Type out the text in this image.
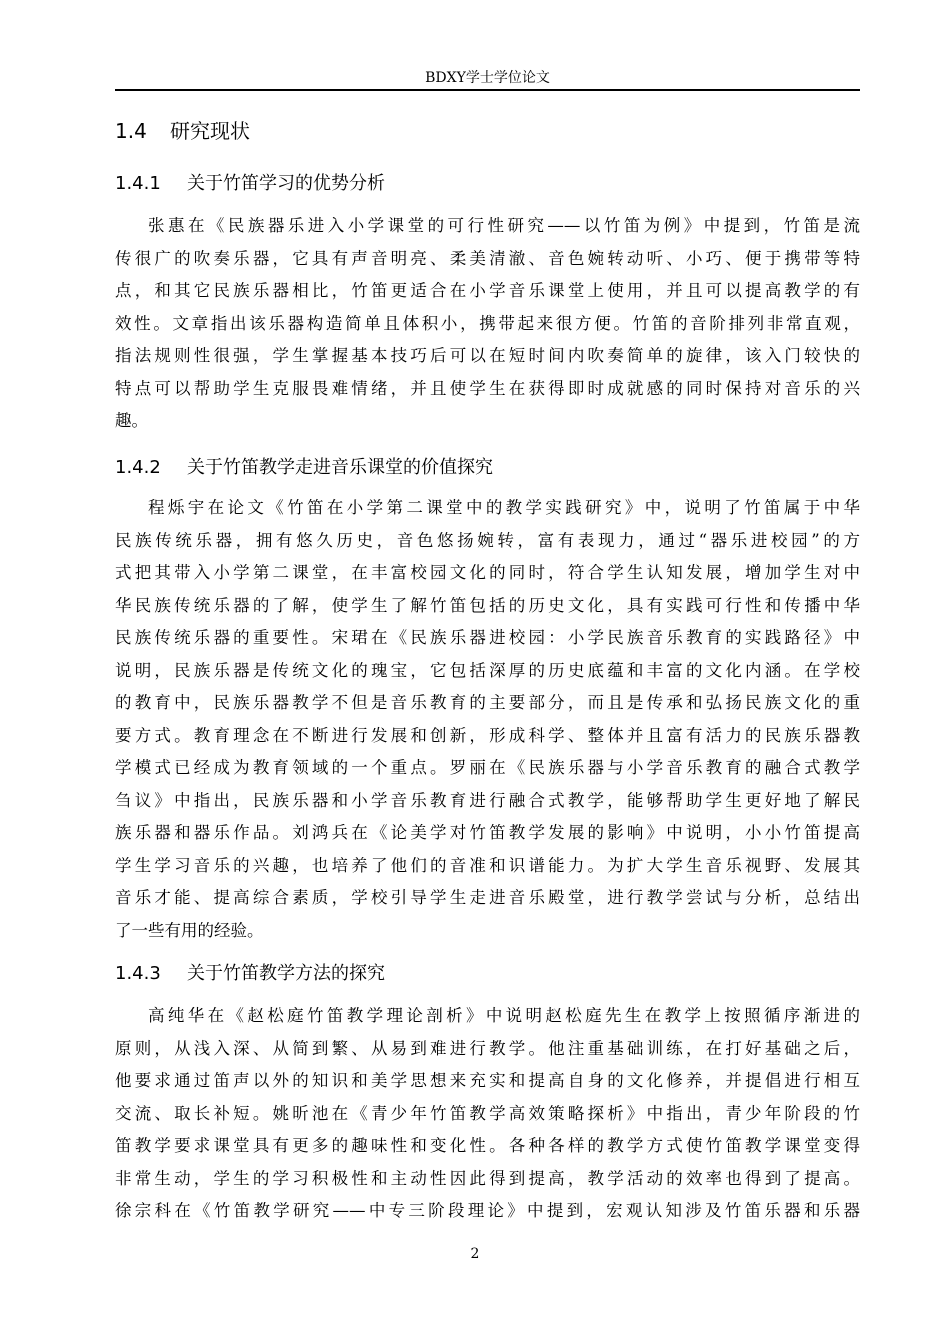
BDXY学士学位论文
1.4 研究现状
1.4.1 关于竹笛学习的优势分析
张惠在《民族器乐进入小学课堂的可行性研究——以竹笛为例》中提到，竹笛是流
传很广的吹奏乐器，它具有声音明亮、柔美清澈、音色婉转动听、小巧、便于携带等特
点，和其它民族乐器相比，竹笛更适合在小学音乐课堂上使用，并且可以提高教学的有
效性。文章指出该乐器构造简单且体积小，携带起来很方便。竹笛的音阶排列非常直观，
指法规则性很强，学生掌握基本技巧后可以在短时间内吹奏简单的旋律，该入门较快的
特点可以帮助学生克服畏难情绪，并且使学生在获得即时成就感的同时保持对音乐的兴
趣。
1.4.2 关于竹笛教学走进音乐课堂的价值探究
程烁宇在论文《竹笛在小学第二课堂中的教学实践研究》中，说明了竹笛属于中华
民族传统乐器，拥有悠久历史，音色悠扬婉转，富有表现力，通过“器乐进校园”的方
式把其带入小学第二课堂，在丰富校园文化的同时，符合学生认知发展，增加学生对中
华民族传统乐器的了解，使学生了解竹笛包括的历史文化，具有实践可行性和传播中华
民族传统乐器的重要性。宋珺在《民族乐器进校园：小学民族音乐教育的实践路径》中
说明，民族乐器是传统文化的瑰宝，它包括深厚的历史底蕴和丰富的文化内涵。在学校
的教育中，民族乐器教学不但是音乐教育的主要部分，而且是传承和弘扬民族文化的重
要方式。教育理念在不断进行发展和创新，形成科学、整体并且富有活力的民族乐器教
学模式已经成为教育领域的一个重点。罗丽在《民族乐器与小学音乐教育的融合式教学
刍议》中指出，民族乐器和小学音乐教育进行融合式教学，能够帮助学生更好地了解民
族乐器和器乐作品。刘鸿兵在《论美学对竹笛教学发展的影响》中说明，小小竹笛提高
学生学习音乐的兴趣，也培养了他们的音准和识谱能力。为扩大学生音乐视野、发展其
音乐才能、提高综合素质，学校引导学生走进音乐殿堂，进行教学尝试与分析，总结出
了一些有用的经验。
1.4.3 关于竹笛教学方法的探究
高纯华在《赵松庭竹笛教学理论剖析》中说明赵松庭先生在教学上按照循序渐进的
原则，从浅入深、从简到繁、从易到难进行教学。他注重基础训练，在打好基础之后，
他要求通过笛声以外的知识和美学思想来充实和提高自身的文化修养，并提倡进行相互
交流、取长补短。姚昕池在《青少年竹笛教学高效策略探析》中指出，青少年阶段的竹
笛教学要求课堂具有更多的趣味性和变化性。各种各样的教学方式使竹笛教学课堂变得
非常生动，学生的学习积极性和主动性因此得到提高，教学活动的效率也得到了提高。
徐宗科在《竹笛教学研究——中专三阶段理论》中提到，宏观认知涉及竹笛乐器和乐器
2
